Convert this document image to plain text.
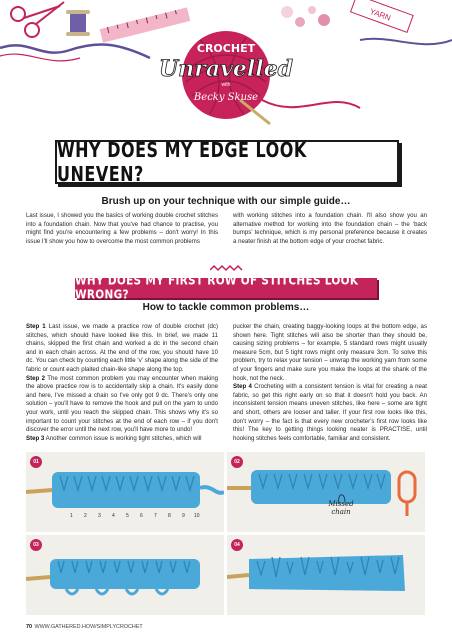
YARN
CROCHET
Unravelled
with
Becky Skuse
WHY DOES MY EDGE LOOK UNEVEN?
Brush up on your technique with our simple guide…

Last issue, I showed you the basics of working double crochet stitches into a foundation chain. Now that you've had chance to practise, you might find you're encountering a few problems – don't worry! In this issue I'll show you how to overcome the most common problems

with working stitches into a foundation chain. I'll also show you an alternative method for working into the foundation chain – the ‘back bumps’ technique, which is my personal preference because it creates a neater finish at the bottom edge of your crochet fabric.

WHY DOES MY FIRST ROW OF STITCHES LOOK WRONG?
How to tackle common problems…

Step 1 Last issue, we made a practice row of double crochet (dc) stitches, which should have looked like this. In brief, we made 11 chains, skipped the first chain and worked a dc in the second chain and in each chain across. At the end of the row, you should have 10 dc. You can check by counting each little ‘v’ shape along the side of the fabric or count each plaited chain-like shape along the top.

Step 2 The most common problem you may encounter when making the above practice row is to accidentally skip a chain. It's easily done and here, I've missed a chain so I've only got 9 dc. There's only one solution – you'll have to remove the hook and pull on the yarn to undo your work, until you reach the skipped chain. This shows why it's so important to count your stitches at the end of each row – if you don't discover the error until the next row, you'll have more to undo!

Step 3 Another common issue is working tight stitches, which will

pucker the chain, creating baggy-looking loops at the bottom edge, as shown here. Tight stitches will also be shorter than they should be, causing sizing problems – for example, 5 standard rows might usually measure 5cm, but 5 tight rows might only measure 3cm. To solve this problem, try to relax your tension – unwrap the working yarn from some of your fingers and make sure you make the loops at the shank of the hook, not the neck.

Step 4 Crocheting with a consistent tension is vital for creating a neat fabric, so get this right early on so that it doesn't hold you back. An inconsistent tension means uneven stitches, like here – some are tight and short, others are looser and taller. If your first row looks like this, don't worry – the fact is that every new crocheter's first row looks like this! The key to getting things looking neater is PRACTISE, until hooking stitches feels comfortable, familiar and consistent.

01
1 2 3 4 5 6 7 8 9 10
02
Missed
chain
03	04
70 WWW.GATHERED.HOW/SIMPLYCROCHET
